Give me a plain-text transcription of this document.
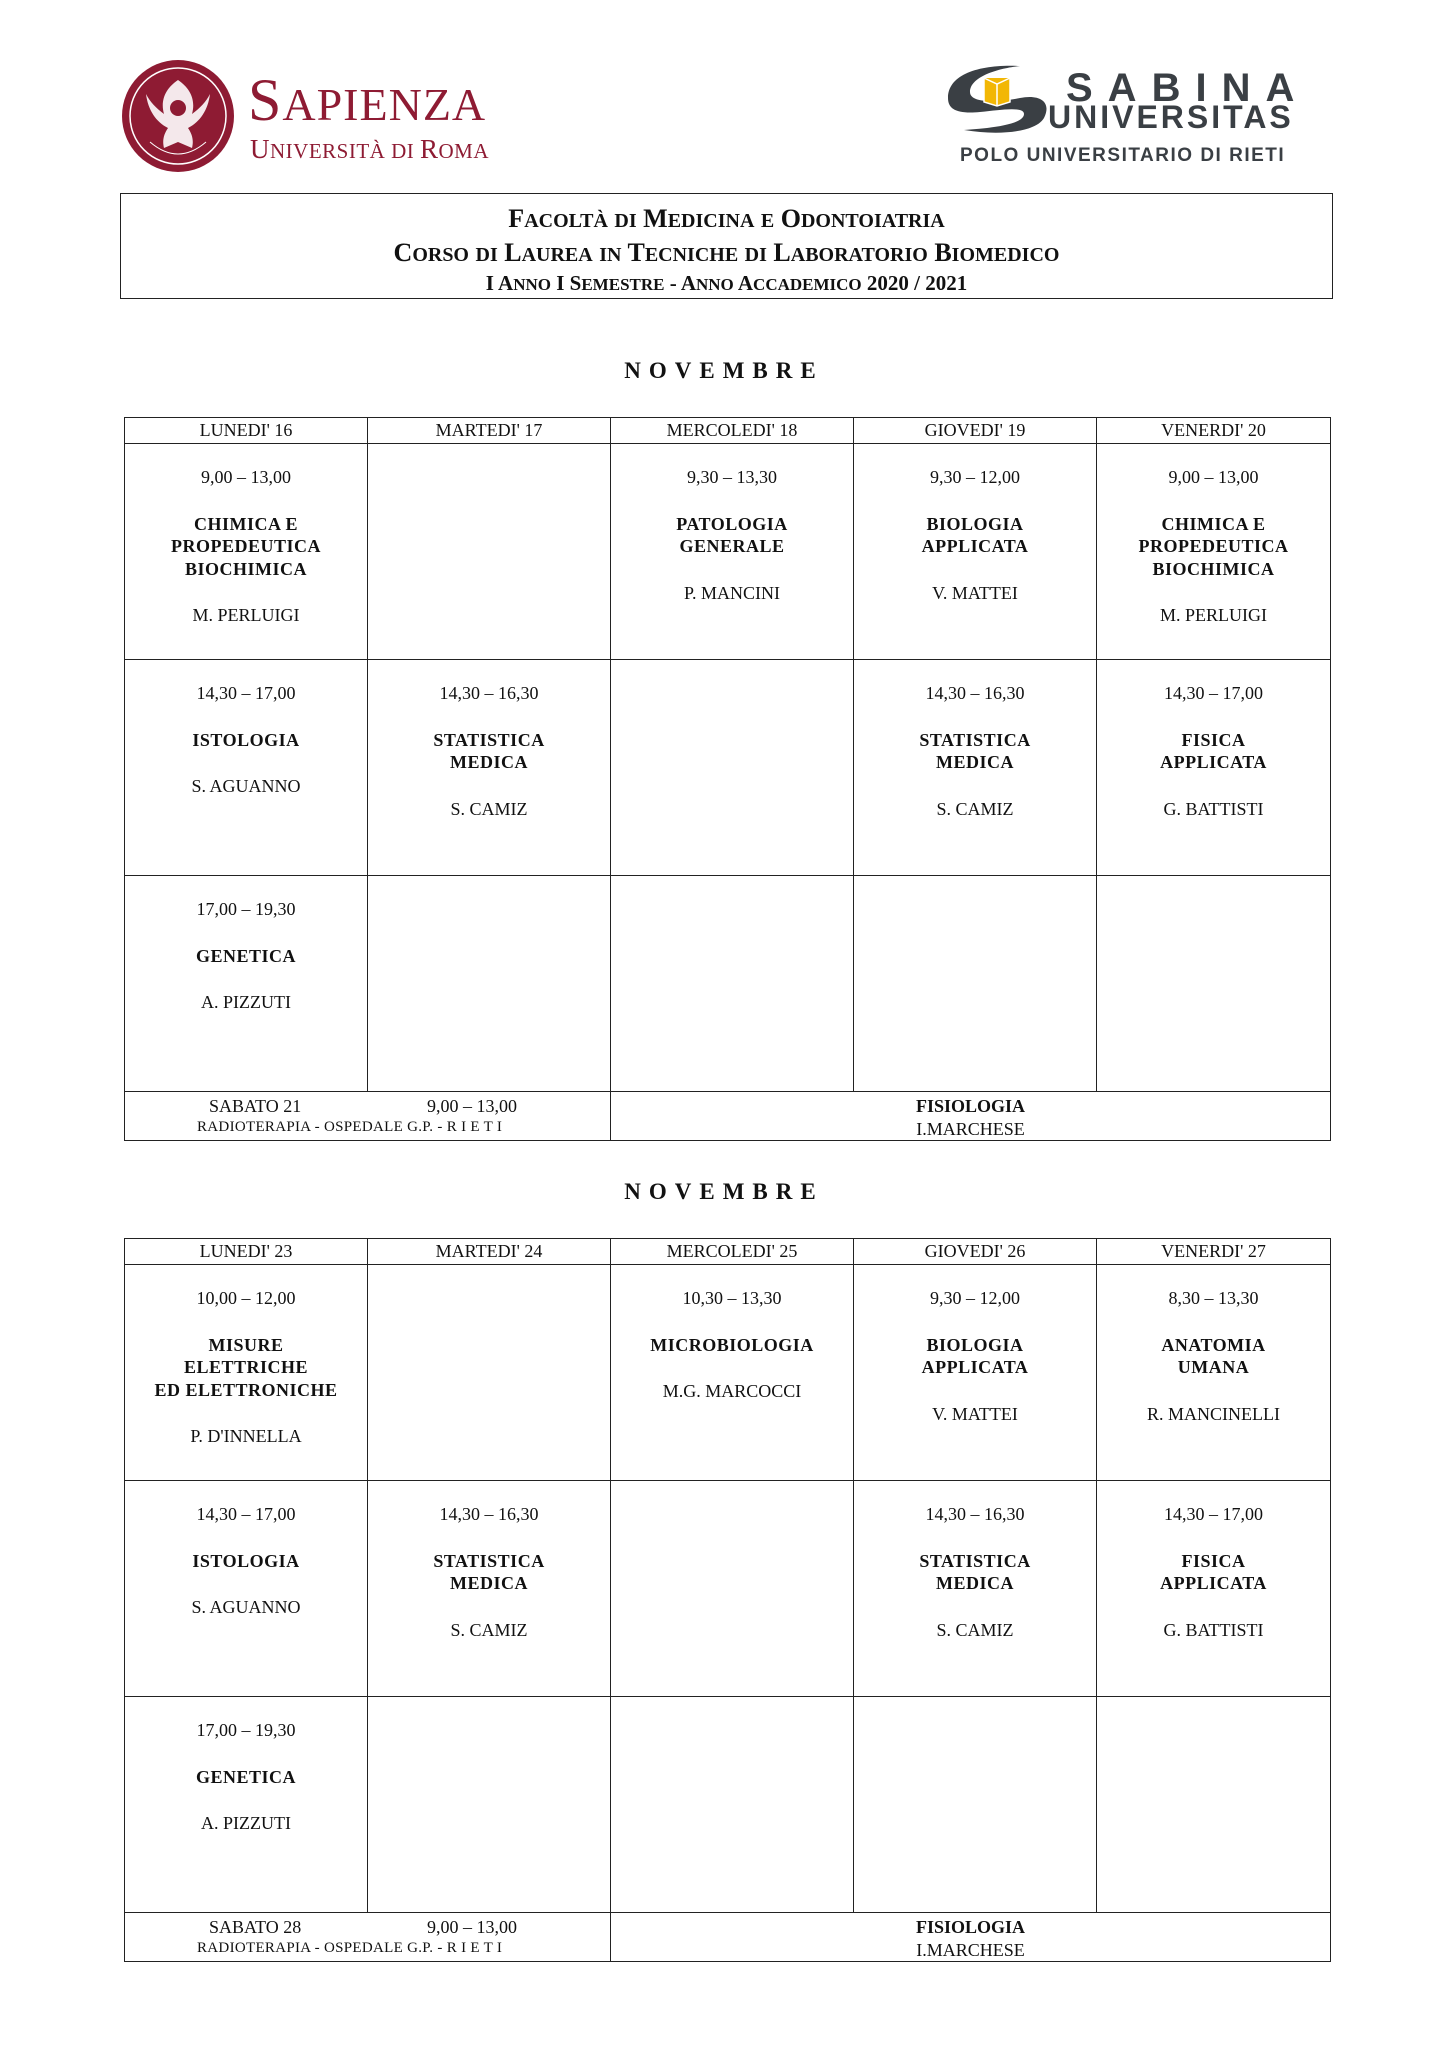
SAPIENZA
UNIVERSITÀ DI ROMA
SABINA
UNIVERSITAS
POLO UNIVERSITARIO DI RIETI
FACOLTÀ DI MEDICINA E ODONTOIATRIA
CORSO DI LAUREA IN TECNICHE DI LABORATORIO BIOMEDICO
I ANNO I SEMESTRE - ANNO ACCADEMICO 2020 / 2021
NOVEMBRE
NOVEMBRE
LUNEDI' 16	MARTEDI' 17	MERCOLEDI' 18	GIOVEDI' 19	VENERDI' 20

9,00 – 13,00
CHIMICA E
PROPEDEUTICA
BIOCHIMICA
M. PERLUIGI		9,30 – 13,30
PATOLOGIA
GENERALE
P. MANCINI	9,30 – 12,00
BIOLOGIA
APPLICATA
V. MATTEI	9,00 – 13,00
CHIMICA E
PROPEDEUTICA
BIOCHIMICA
M. PERLUIGI

14,30 – 17,00
ISTOLOGIA
S. AGUANNO	14,30 – 16,30
STATISTICA
MEDICA
S. CAMIZ		14,30 – 16,30
STATISTICA
MEDICA
S. CAMIZ	14,30 – 17,00
FISICA
APPLICATA
G. BATTISTI

17,00 – 19,30
GENETICA
A. PIZZUTI				

SABATO 21 9,00 – 13,00
RADIOTERAPIA - OSPEDALE G.P. - R I E T I		FISIOLOGIA
I.MARCHESE		
LUNEDI' 23	MARTEDI' 24	MERCOLEDI' 25	GIOVEDI' 26	VENERDI' 27

10,00 – 12,00
MISURE
ELETTRICHE
ED ELETTRONICHE
P. D'INNELLA		10,30 – 13,30
MICROBIOLOGIA
M.G. MARCOCCI	9,30 – 12,00
BIOLOGIA
APPLICATA
V. MATTEI	8,30 – 13,30
ANATOMIA
UMANA
R. MANCINELLI

14,30 – 17,00
ISTOLOGIA
S. AGUANNO	14,30 – 16,30
STATISTICA
MEDICA
S. CAMIZ		14,30 – 16,30
STATISTICA
MEDICA
S. CAMIZ	14,30 – 17,00
FISICA
APPLICATA
G. BATTISTI

17,00 – 19,30
GENETICA
A. PIZZUTI				

SABATO 28 9,00 – 13,00
RADIOTERAPIA - OSPEDALE G.P. - R I E T I		FISIOLOGIA
I.MARCHESE		
